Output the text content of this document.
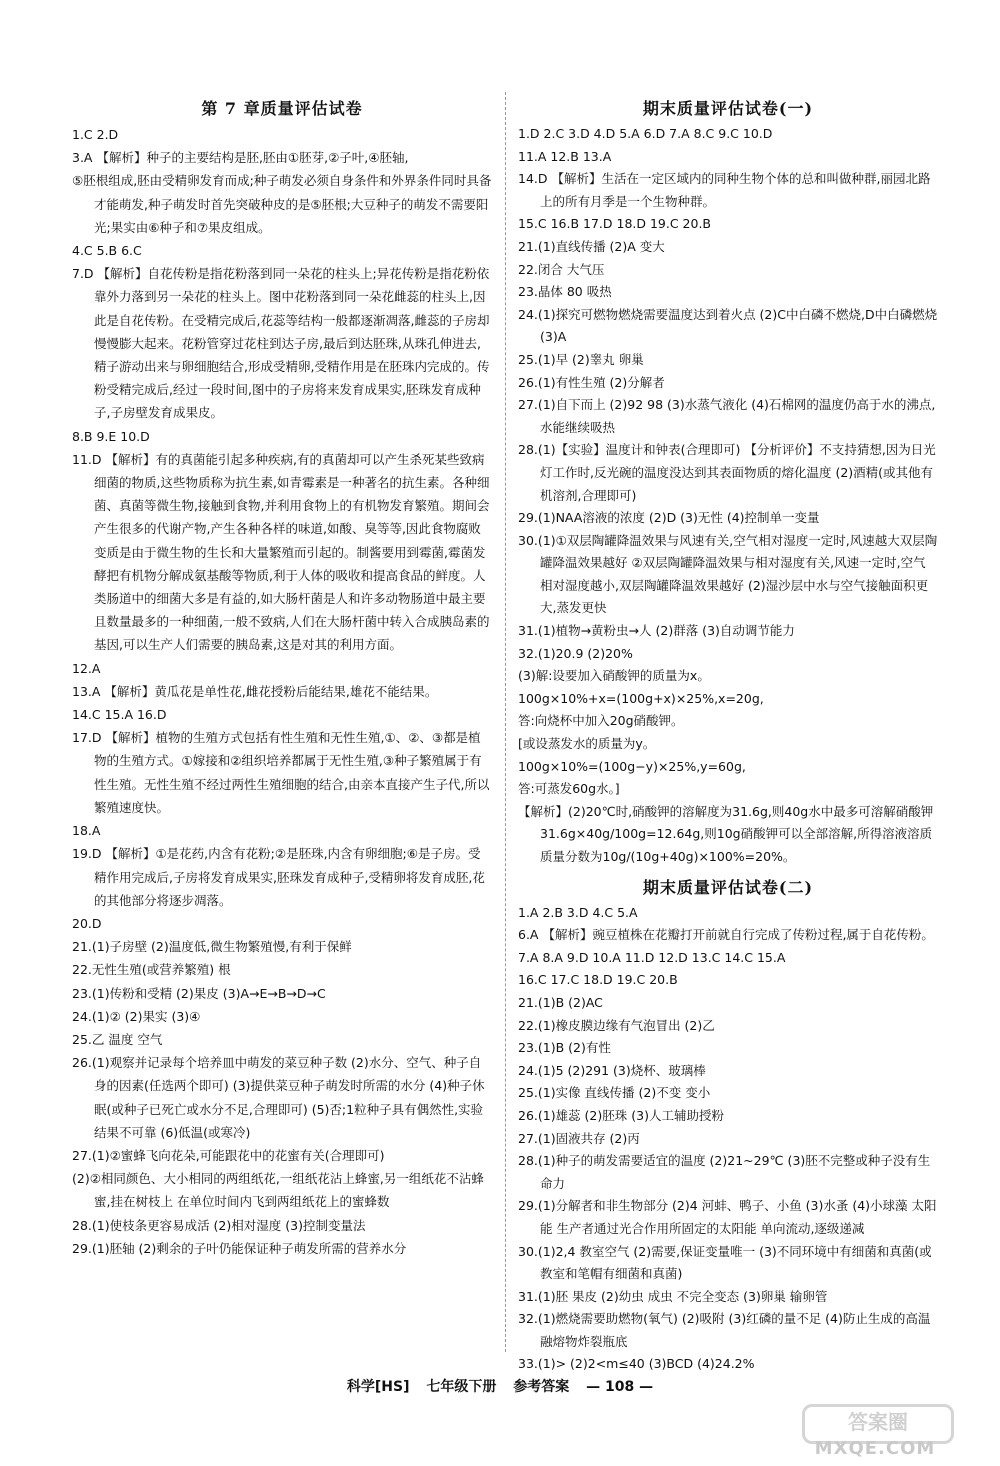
第 7 章质量评估试卷

1.C 2.D

3.A 【解析】种子的主要结构是胚,胚由①胚芽,②子叶,④胚轴,

⑤胚根组成,胚由受精卵发育而成;种子萌发必须自身条件和外界条件同时具备才能萌发,种子萌发时首先突破种皮的是⑤胚根;大豆种子的萌发不需要阳光;果实由⑥种子和⑦果皮组成。

4.C 5.B 6.C

7.D 【解析】自花传粉是指花粉落到同一朵花的柱头上;异花传粉是指花粉依靠外力落到另一朵花的柱头上。图中花粉落到同一朵花雌蕊的柱头上,因此是自花传粉。在受精完成后,花蕊等结构一般都逐渐凋落,雌蕊的子房却慢慢膨大起来。花粉管穿过花柱到达子房,最后到达胚珠,从珠孔伸进去,精子游动出来与卵细胞结合,形成受精卵,受精作用是在胚珠内完成的。传粉受精完成后,经过一段时间,图中的子房将来发育成果实,胚珠发育成种子,子房壁发育成果皮。

8.B 9.E 10.D

11.D 【解析】有的真菌能引起多种疾病,有的真菌却可以产生杀死某些致病细菌的物质,这些物质称为抗生素,如青霉素是一种著名的抗生素。各种细菌、真菌等微生物,接触到食物,并利用食物上的有机物发育繁殖。期间会产生很多的代谢产物,产生各种各样的味道,如酸、臭等等,因此食物腐败变质是由于微生物的生长和大量繁殖而引起的。制酱要用到霉菌,霉菌发酵把有机物分解成氨基酸等物质,利于人体的吸收和提高食品的鲜度。人类肠道中的细菌大多是有益的,如大肠杆菌是人和许多动物肠道中最主要且数量最多的一种细菌,一般不致病,人们在大肠杆菌中转入合成胰岛素的基因,可以生产人们需要的胰岛素,这是对其的利用方面。

12.A

13.A 【解析】黄瓜花是单性花,雌花授粉后能结果,雄花不能结果。

14.C 15.A 16.D

17.D 【解析】植物的生殖方式包括有性生殖和无性生殖,①、②、③都是植物的生殖方式。①嫁接和②组织培养都属于无性生殖,③种子繁殖属于有性生殖。无性生殖不经过两性生殖细胞的结合,由亲本直接产生子代,所以繁殖速度快。

18.A

19.D 【解析】①是花药,内含有花粉;②是胚珠,内含有卵细胞;⑥是子房。受精作用完成后,子房将发育成果实,胚珠发育成种子,受精卵将发育成胚,花的其他部分将逐步凋落。

20.D

21.(1)子房壁 (2)温度低,微生物繁殖慢,有利于保鲜

22.无性生殖(或营养繁殖) 根

23.(1)传粉和受精 (2)果皮 (3)A→E→B→D→C

24.(1)② (2)果实 (3)④

25.乙 温度 空气

26.(1)观察并记录每个培养皿中萌发的菜豆种子数 (2)水分、空气、种子自身的因素(任选两个即可) (3)提供菜豆种子萌发时所需的水分 (4)种子休眠(或种子已死亡或水分不足,合理即可) (5)否;1粒种子具有偶然性,实验结果不可靠 (6)低温(或寒冷)

27.(1)②蜜蜂飞向花朵,可能跟花中的花蜜有关(合理即可)

(2)②相同颜色、大小相同的两组纸花,一组纸花沾上蜂蜜,另一组纸花不沾蜂蜜,挂在树枝上 在单位时间内飞到两组纸花上的蜜蜂数

28.(1)使枝条更容易成活 (2)相对湿度 (3)控制变量法

29.(1)胚轴 (2)剩余的子叶仍能保证种子萌发所需的营养水分

期末质量评估试卷(一)

1.D 2.C 3.D 4.D 5.A 6.D 7.A 8.C 9.C 10.D

11.A 12.B 13.A

14.D 【解析】生活在一定区域内的同种生物个体的总和叫做种群,丽园北路上的所有月季是一个生物种群。

15.C 16.B 17.D 18.D 19.C 20.B

21.(1)直线传播 (2)A 变大

22.闭合 大气压

23.晶体 80 吸热

24.(1)探究可燃物燃烧需要温度达到着火点 (2)C中白磷不燃烧,D中白磷燃烧 (3)A

25.(1)早 (2)睾丸 卵巢

26.(1)有性生殖 (2)分解者

27.(1)自下而上 (2)92 98 (3)水蒸气液化 (4)石棉网的温度仍高于水的沸点,水能继续吸热

28.(1)【实验】温度计和钟表(合理即可) 【分析评价】不支持猜想,因为日光灯工作时,反光碗的温度没达到其表面物质的熔化温度 (2)酒精(或其他有机溶剂,合理即可)

29.(1)NAA溶液的浓度 (2)D (3)无性 (4)控制单一变量

30.(1)①双层陶罐降温效果与风速有关,空气相对湿度一定时,风速越大双层陶罐降温效果越好 ②双层陶罐降温效果与相对湿度有关,风速一定时,空气相对湿度越小,双层陶罐降温效果越好 (2)湿沙层中水与空气接触面积更大,蒸发更快

31.(1)植物→黄粉虫→人 (2)群落 (3)自动调节能力

32.(1)20.9 (2)20%

(3)解:设要加入硝酸钾的质量为x。

100g×10%+x=(100g+x)×25%,x=20g,

答:向烧杯中加入20g硝酸钾。

[或设蒸发水的质量为y。

100g×10%=(100g−y)×25%,y=60g,

答:可蒸发60g水。]

【解析】(2)20℃时,硝酸钾的溶解度为31.6g,则40g水中最多可溶解硝酸钾31.6g×40g/100g=12.64g,则10g硝酸钾可以全部溶解,所得溶液溶质质量分数为10g/(10g+40g)×100%=20%。

期末质量评估试卷(二)

1.A 2.B 3.D 4.C 5.A

6.A 【解析】豌豆植株在花瓣打开前就自行完成了传粉过程,属于自花传粉。

7.A 8.A 9.D 10.A 11.D 12.D 13.C 14.C 15.A

16.C 17.C 18.D 19.C 20.B

21.(1)B (2)AC

22.(1)橡皮膜边缘有气泡冒出 (2)乙

23.(1)B (2)有性

24.(1)5 (2)291 (3)烧杯、玻璃棒

25.(1)实像 直线传播 (2)不变 变小

26.(1)雄蕊 (2)胚珠 (3)人工辅助授粉

27.(1)固液共存 (2)丙

28.(1)种子的萌发需要适宜的温度 (2)21~29℃ (3)胚不完整或种子没有生命力

29.(1)分解者和非生物部分 (2)4 河蚌、鸭子、小鱼 (3)水蚤 (4)小球藻 太阳能 生产者通过光合作用所固定的太阳能 单向流动,逐级递减

30.(1)2,4 教室空气 (2)需要,保证变量唯一 (3)不同环境中有细菌和真菌(或教室和笔帽有细菌和真菌)

31.(1)胚 果皮 (2)幼虫 成虫 不完全变态 (3)卵巢 输卵管

32.(1)燃烧需要助燃物(氧气) (2)吸附 (3)红磷的量不足 (4)防止生成的高温融熔物炸裂瓶底

33.(1)> (2)2<m≤40 (3)BCD (4)24.2%

科学[HS] 七年级下册 参考答案 — 108 —
答案圈
MXQE.COM
